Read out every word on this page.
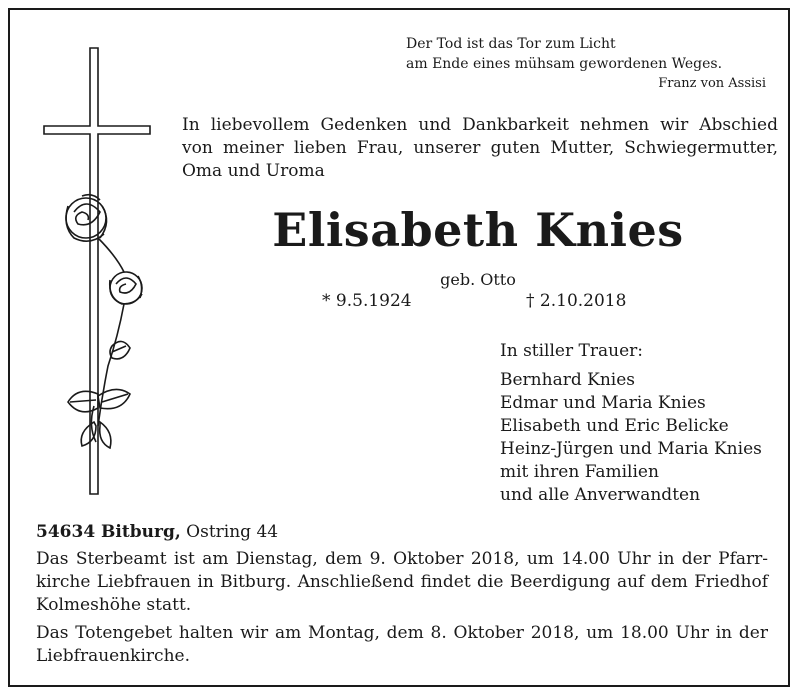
Der Tod ist das Tor zum Licht
am Ende eines mühsam gewordenen Weges.
Franz von Assisi
In liebevollem Gedenken und Dankbarkeit nehmen wir Abschied
von meiner lieben Frau, unserer guten Mutter, Schwiegermutter,
Oma und Uroma
Elisabeth Knies
geb. Otto
* 9.5.1924	† 2.10.2018
In stiller Trauer:
Bernhard Knies
Edmar und Maria Knies
Elisabeth und Eric Belicke
Heinz-Jürgen und Maria Knies
mit ihren Familien
und alle Anverwandten
54634 Bitburg, Ostring 44
Das Sterbeamt ist am Dienstag, dem 9. Oktober 2018, um 14.00 Uhr in der Pfarr-
kirche Liebfrauen in Bitburg. Anschließend findet die Beerdigung auf dem Friedhof
Kolmeshöhe statt.
Das Totengebet halten wir am Montag, dem 8. Oktober 2018, um 18.00 Uhr in der
Liebfrauenkirche.
